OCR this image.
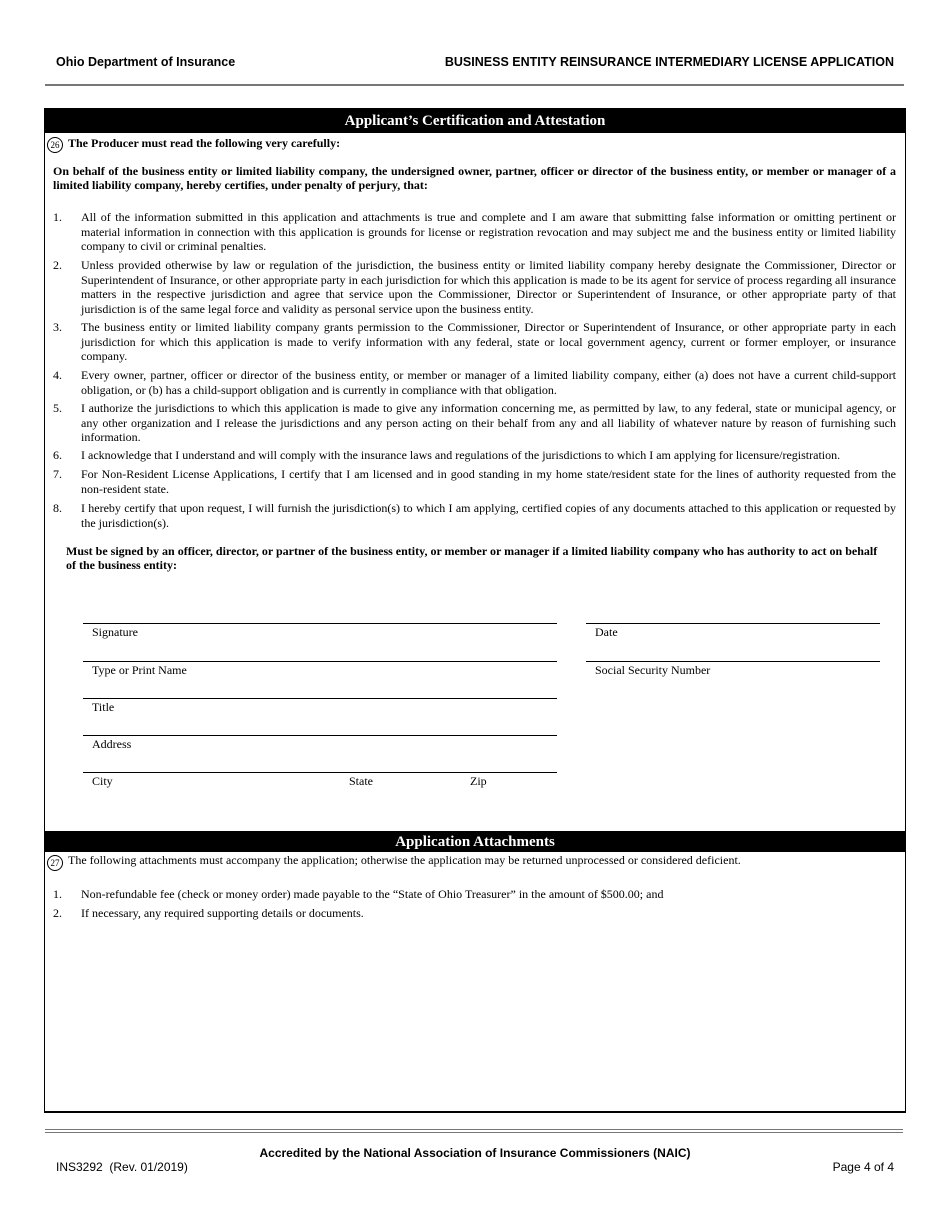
Ohio Department of Insurance	BUSINESS ENTITY REINSURANCE INTERMEDIARY LICENSE APPLICATION
Applicant’s Certification and Attestation
26 The Producer must read the following very carefully:
On behalf of the business entity or limited liability company, the undersigned owner, partner, officer or director of the business entity, or member or manager of a limited liability company, hereby certifies, under penalty of perjury, that:
1. All of the information submitted in this application and attachments is true and complete and I am aware that submitting false information or omitting pertinent or material information in connection with this application is grounds for license or registration revocation and may subject me and the business entity or limited liability company to civil or criminal penalties.
2. Unless provided otherwise by law or regulation of the jurisdiction, the business entity or limited liability company hereby designate the Commissioner, Director or Superintendent of Insurance, or other appropriate party in each jurisdiction for which this application is made to be its agent for service of process regarding all insurance matters in the respective jurisdiction and agree that service upon the Commissioner, Director or Superintendent of Insurance, or other appropriate party of that jurisdiction is of the same legal force and validity as personal service upon the business entity.
3. The business entity or limited liability company grants permission to the Commissioner, Director or Superintendent of Insurance, or other appropriate party in each jurisdiction for which this application is made to verify information with any federal, state or local government agency, current or former employer, or insurance company.
4. Every owner, partner, officer or director of the business entity, or member or manager of a limited liability company, either (a) does not have a current child-support obligation, or (b) has a child-support obligation and is currently in compliance with that obligation.
5. I authorize the jurisdictions to which this application is made to give any information concerning me, as permitted by law, to any federal, state or municipal agency, or any other organization and I release the jurisdictions and any person acting on their behalf from any and all liability of whatever nature by reason of furnishing such information.
6. I acknowledge that I understand and will comply with the insurance laws and regulations of the jurisdictions to which I am applying for licensure/registration.
7. For Non-Resident License Applications, I certify that I am licensed and in good standing in my home state/resident state for the lines of authority requested from the non-resident state.
8. I hereby certify that upon request, I will furnish the jurisdiction(s) to which I am applying, certified copies of any documents attached to this application or requested by the jurisdiction(s).
Must be signed by an officer, director, or partner of the business entity, or member or manager if a limited liability company who has authority to act on behalf of the business entity:
Signature	Date
Type or Print Name	Social Security Number
Title
Address
City	State	Zip
Application Attachments
27 The following attachments must accompany the application; otherwise the application may be returned unprocessed or considered deficient.
1. Non-refundable fee (check or money order) made payable to the “State of Ohio Treasurer” in the amount of $500.00; and
2. If necessary, any required supporting details or documents.
Accredited by the National Association of Insurance Commissioners (NAIC)
INS3292  (Rev. 01/2019)	Page 4 of 4
